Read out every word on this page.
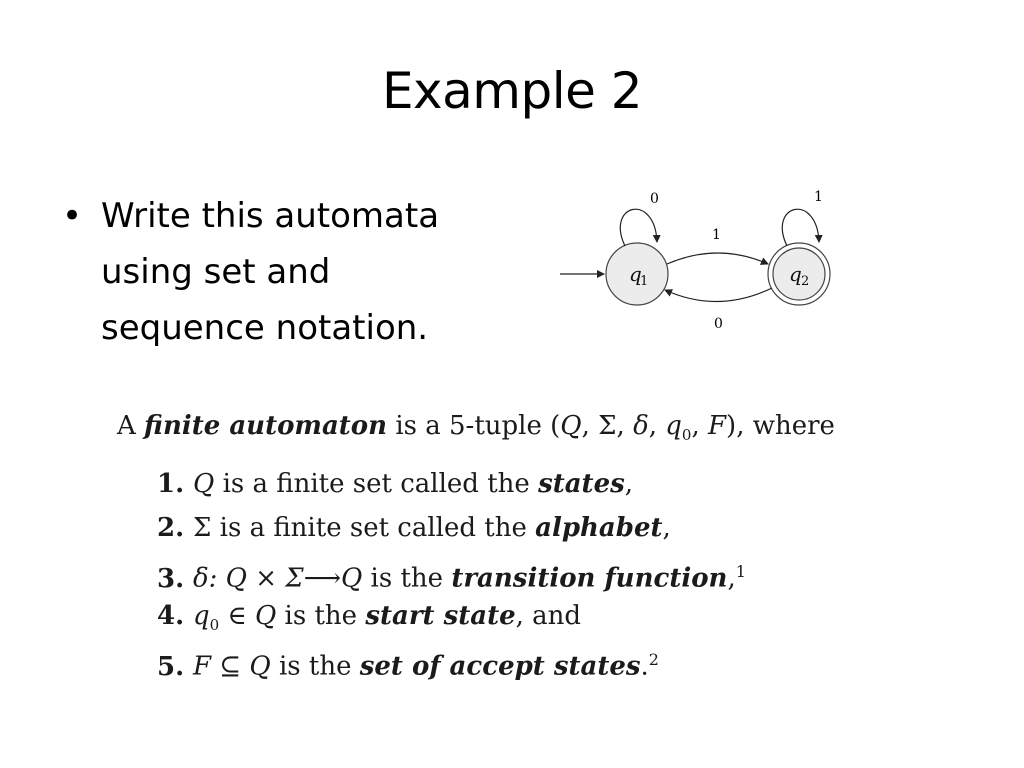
Example 2
• Write this automata
using set and
sequence notation.
q
1	q 2
0
1
1
0
A finite automaton is a 5-tuple (Q, Σ, δ, $q_0$, F), where
1. Q is a finite set called the states,
2. Σ is a finite set called the alphabet,
3. δ: Q × Σ⟶Q is the transition function,$^1$
4. $q_0$ ∈ Q is the start state, and
5. F ⊆ Q is the set of accept states.$^2$
